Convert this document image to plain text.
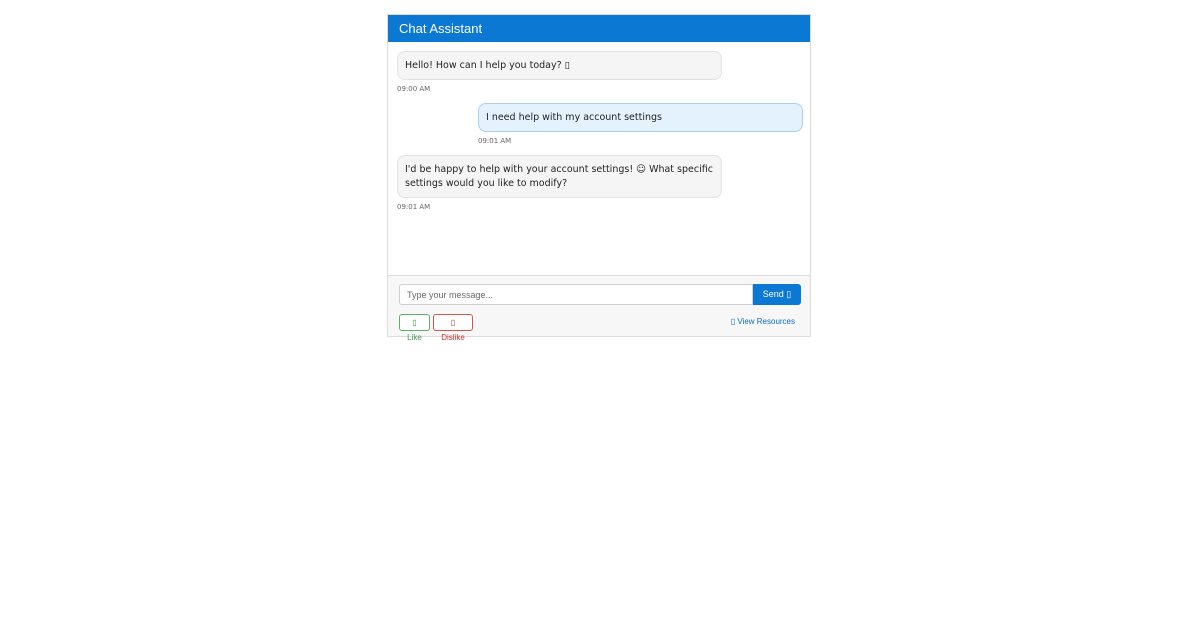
Chat Assistant
Hello! How can I help you today? ▯
09:00 AM
I need help with my account settings
09:01 AM
I'd be happy to help with your account settings! ☺ What specific settings would you like to modify?
09:01 AM
Type your message...
Send ▯
▯ Like
▯ Dislike
▯ View Resources
